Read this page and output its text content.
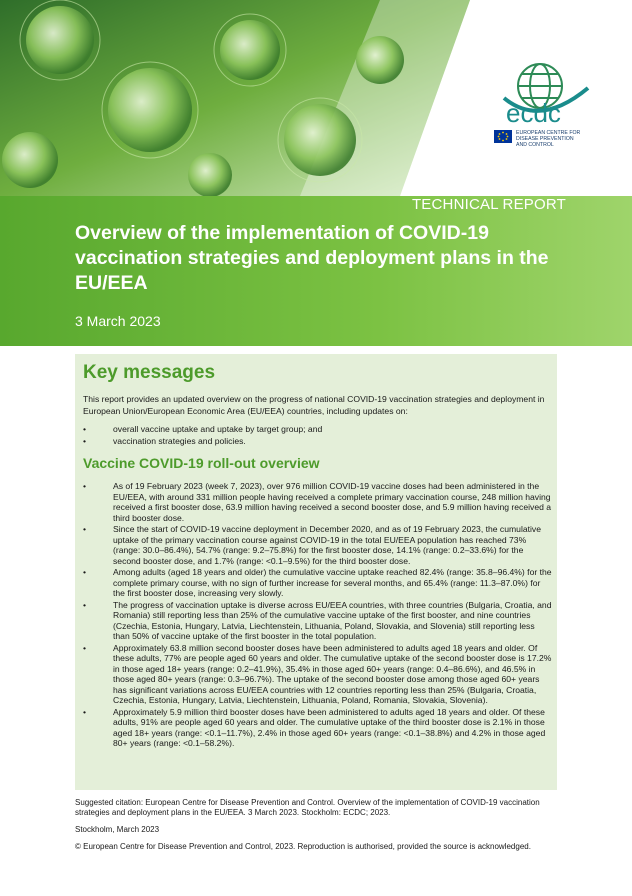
ecdc
EUROPEAN CENTRE FOR
DISEASE PREVENTION
AND CONTROL
TECHNICAL REPORT
Overview of the implementation of COVID-19 vaccination strategies and deployment plans in the EU/EEA
3 March 2023
Key messages

This report provides an updated overview on the progress of national COVID-19 vaccination strategies and deployment in European Union/European Economic Area (EU/EEA) countries, including updates on:

• overall vaccine uptake and uptake by target group; and
• vaccination strategies and policies.
Vaccine COVID-19 roll-out overview
• As of 19 February 2023 (week 7, 2023), over 976 million COVID-19 vaccine doses had been administered in the EU/EEA, with around 331 million people having received a complete primary vaccination course, 248 million having received a first booster dose, 63.9 million having received a second booster dose, and 5.9 million having received a third booster dose.
• Since the start of COVID-19 vaccine deployment in December 2020, and as of 19 February 2023, the cumulative uptake of the primary vaccination course against COVID-19 in the total EU/EEA population has reached 73% (range: 30.0–86.4%), 54.7% (range: 9.2–75.8%) for the first booster dose, 14.1% (range: 0.2–33.6%) for the second booster dose, and 1.7% (range: <0.1–9.5%) for the third booster dose.
• Among adults (aged 18 years and older) the cumulative vaccine uptake reached 82.4% (range: 35.8–96.4%) for the complete primary course, with no sign of further increase for several months, and 65.4% (range: 11.3–87.0%) for the first booster dose, increasing very slowly.
• The progress of vaccination uptake is diverse across EU/EEA countries, with three countries (Bulgaria, Croatia, and Romania) still reporting less than 25% of the cumulative vaccine uptake of the first booster, and nine countries (Czechia, Estonia, Hungary, Latvia, Liechtenstein, Lithuania, Poland, Slovakia, and Slovenia) still reporting less than 50% of vaccine uptake of the first booster in the total population.
• Approximately 63.8 million second booster doses have been administered to adults aged 18 years and older. Of these adults, 77% are people aged 60 years and older. The cumulative uptake of the second booster dose is 17.2% in those aged 18+ years (range: 0.2–41.9%), 35.4% in those aged 60+ years (range: 0.4–86.6%), and 46.5% in those aged 80+ years (range: 0.3–96.7%). The uptake of the second booster dose among those aged 60+ years has significant variations across EU/EEA countries with 12 countries reporting less than 25% (Bulgaria, Croatia, Czechia, Estonia, Hungary, Latvia, Liechtenstein, Lithuania, Poland, Romania, Slovakia, Slovenia).
• Approximately 5.9 million third booster doses have been administered to adults aged 18 years and older. Of these adults, 91% are people aged 60 years and older. The cumulative uptake of the third booster dose is 2.1% in those aged 18+ years (range: <0.1–11.7%), 2.4% in those aged 60+ years (range: <0.1–38.8%) and 4.2% in those aged 80+ years (range: <0.1–58.2%).

Suggested citation: European Centre for Disease Prevention and Control. Overview of the implementation of COVID-19 vaccination strategies and deployment plans in the EU/EEA. 3 March 2023. Stockholm: ECDC; 2023.

Stockholm, March 2023

© European Centre for Disease Prevention and Control, 2023. Reproduction is authorised, provided the source is acknowledged.
